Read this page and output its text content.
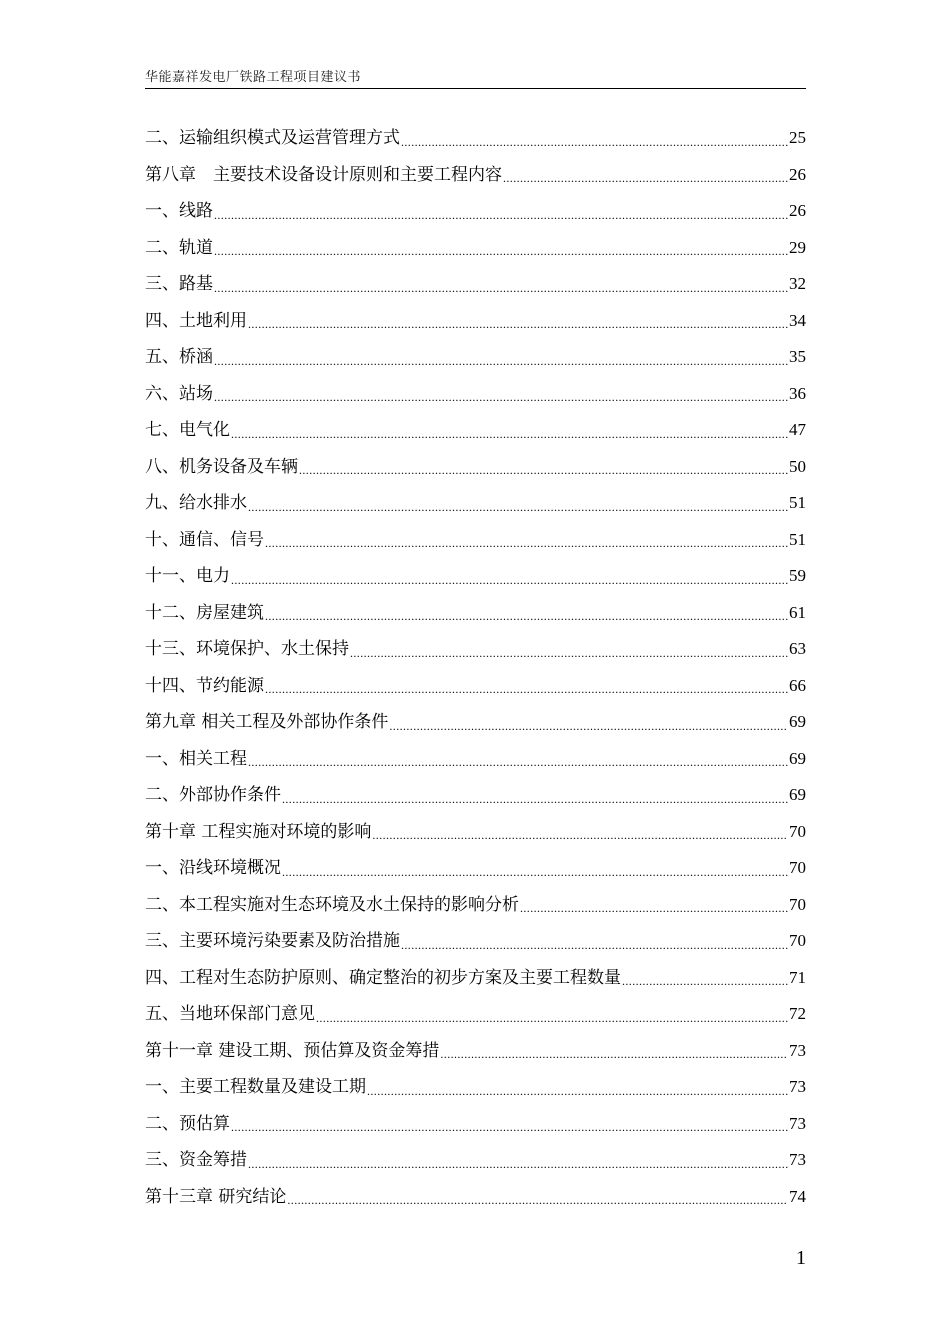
华能嘉祥发电厂铁路工程项目建议书
二、运输组织模式及运营管理方式 .....	25
第八章　主要技术设备设计原则和主要工程内容 .....	26
一、线路 .....	26
二、轨道 .....	29
三、路基 .....	32
四、土地利用 .....	34
五、桥涵 .....	35
六、站场 .....	36
七、电气化 .....	47
八、机务设备及车辆 .....	50
九、给水排水 .....	51
十、通信、信号 .....	51
十一、电力 .....	59
十二、房屋建筑 .....	61
十三、环境保护、水土保持 .....	63
十四、节约能源 .....	66
第九章 相关工程及外部协作条件 .....	69
一、相关工程 .....	69
二、外部协作条件 .....	69
第十章 工程实施对环境的影响 .....	70
一、沿线环境概况 .....	70
二、本工程实施对生态环境及水土保持的影响分析 .....	70
三、主要环境污染要素及防治措施 .....	70
四、工程对生态防护原则、确定整治的初步方案及主要工程数量 .....	71
五、当地环保部门意见 .....	72
第十一章 建设工期、预估算及资金筹措 .....	73
一、主要工程数量及建设工期 .....	73
二、预估算 .....	73
三、资金筹措 .....	73
第十三章 研究结论 .....	74
1
